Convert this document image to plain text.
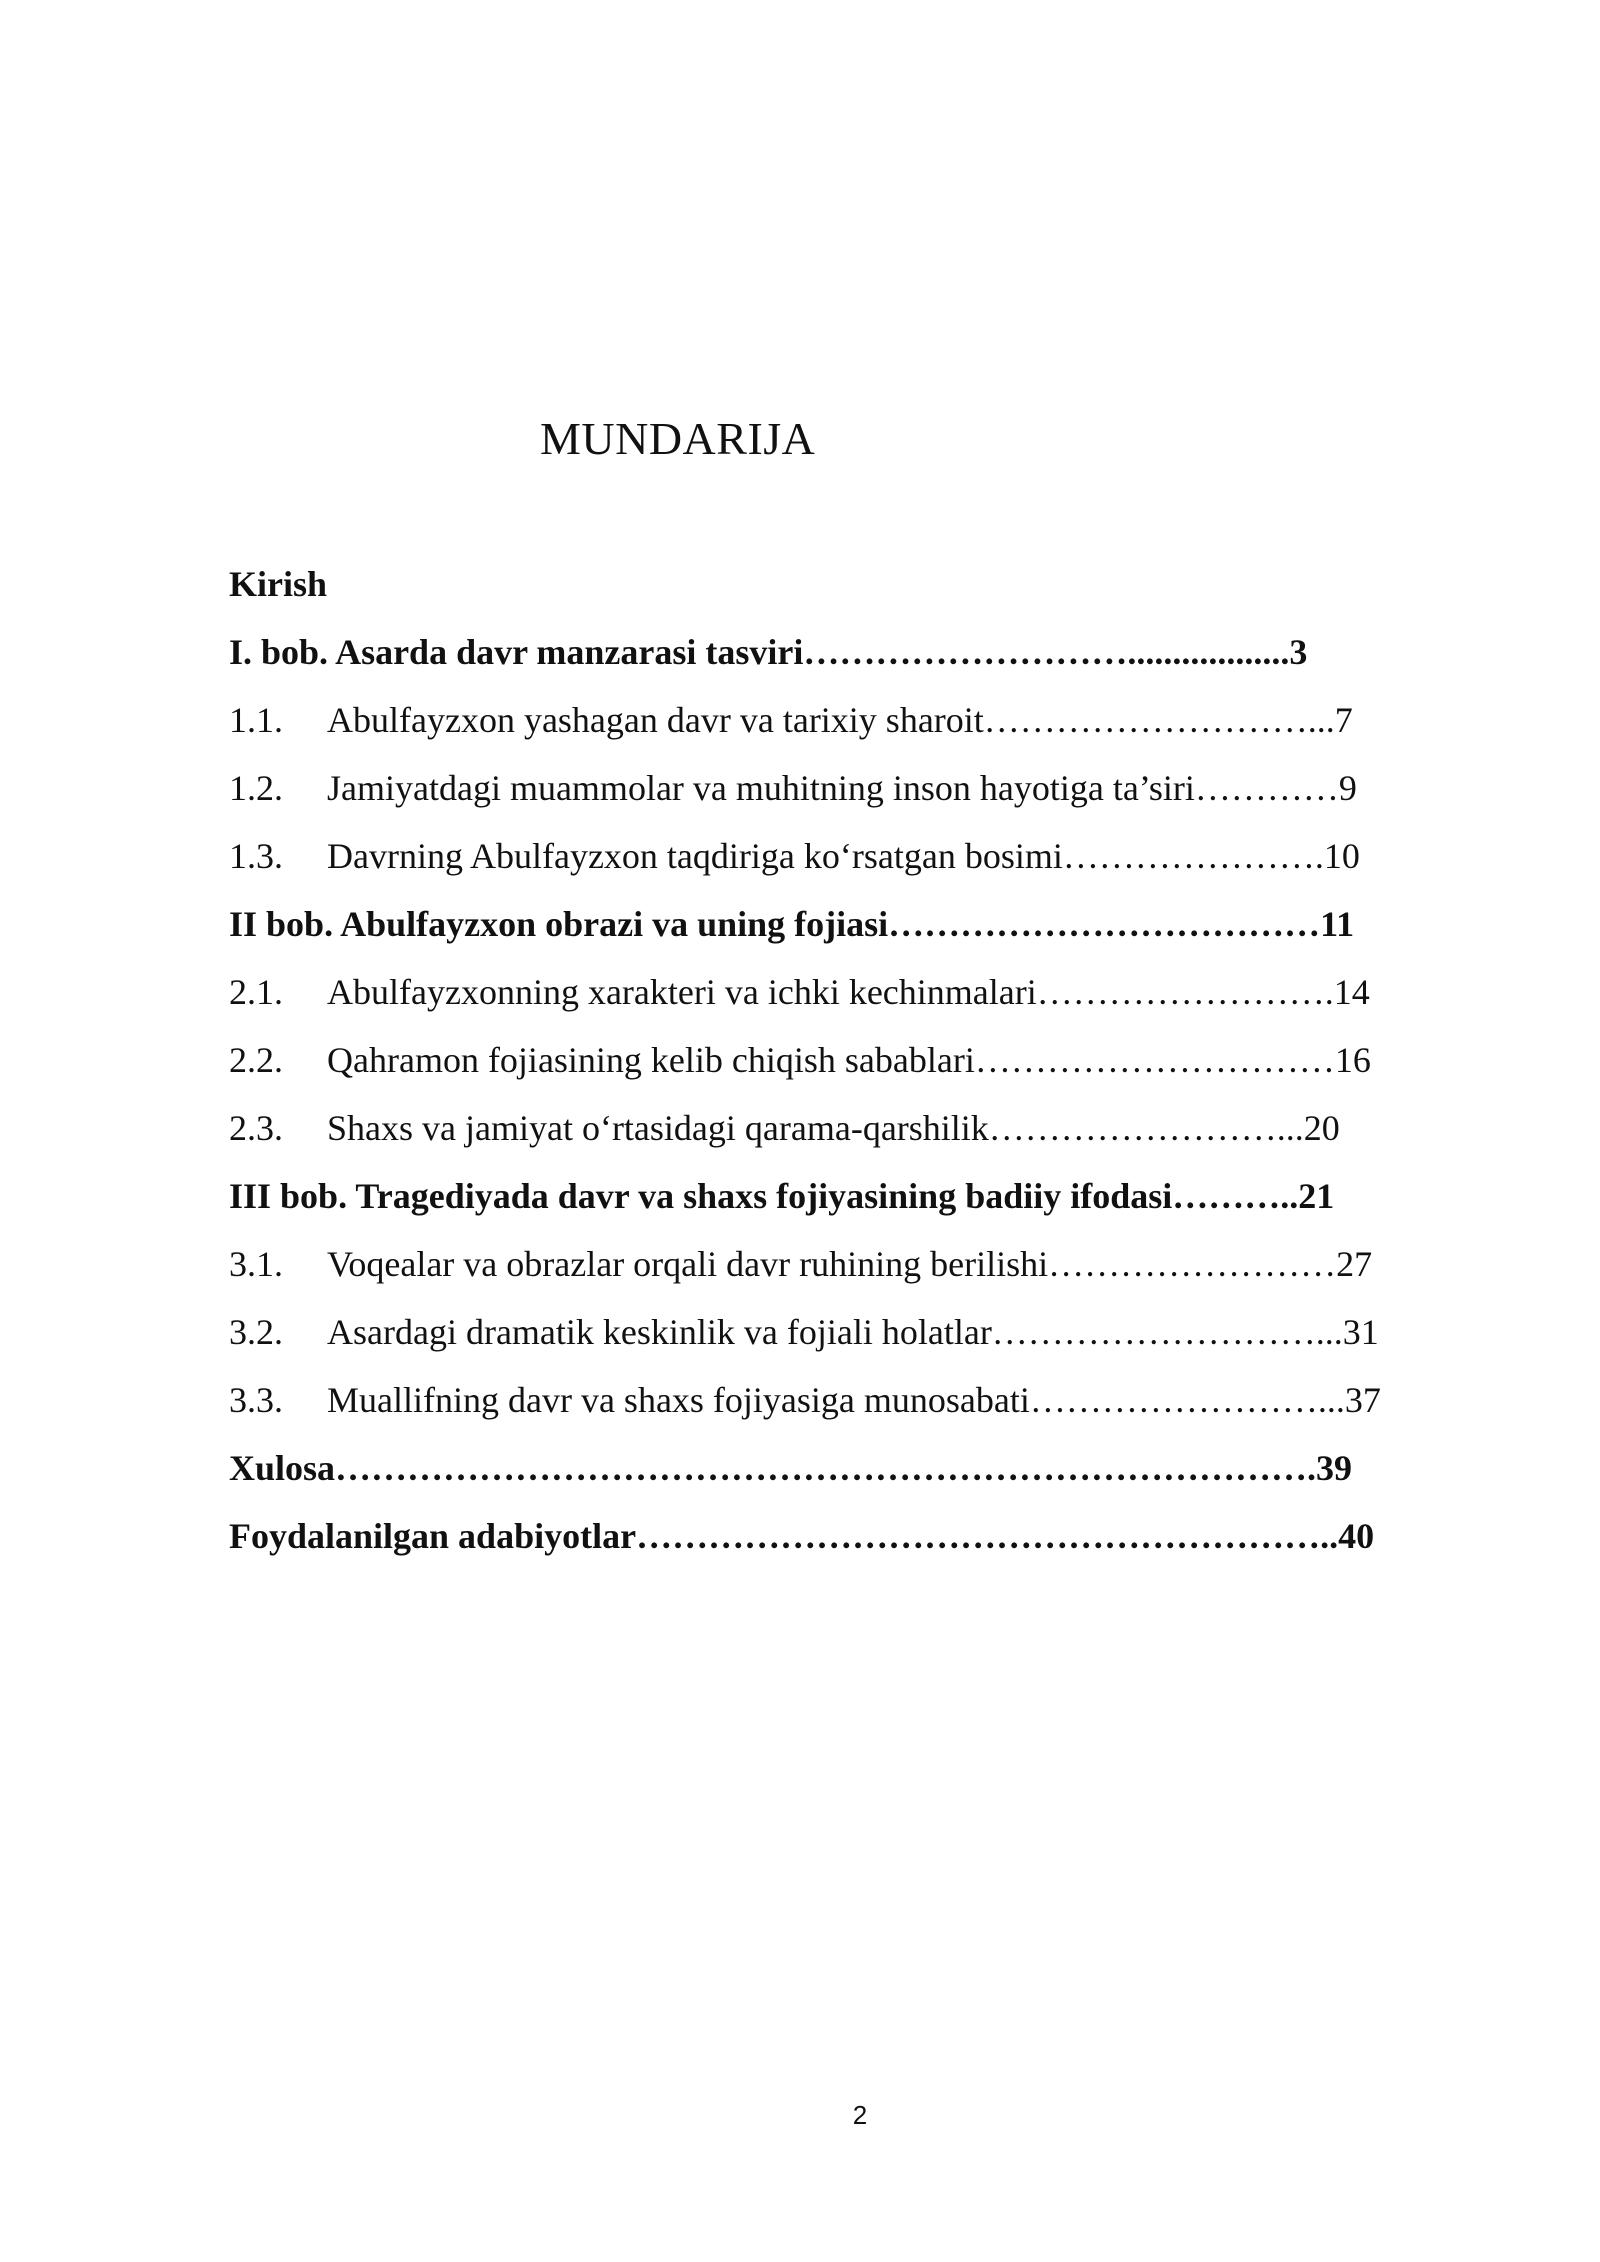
MUNDARIJA
Kirish
I. bob. Asarda davr manzarasi tasviri………………………..................3
1.1. Abulfayzxon yashagan davr va tarixiy sharoit………………………...7
1.2. Jamiyatdagi muammolar va muhitning inson hayotiga ta’siri…………9
1.3. Davrning Abulfayzxon taqdiriga koʻrsatgan bosimi………………….10
II bob. Abulfayzxon obrazi va uning fojiasi………………………………11
2.1. Abulfayzxonning xarakteri va ichki kechinmalari…………………….14
2.2. Qahramon fojiasining kelib chiqish sabablari…………………………16
2.3. Shaxs va jamiyat oʻrtasidagi qarama-qarshilik……………………...20
III bob. Tragediyada davr va shaxs fojiyasining badiiy ifodasi………..21
3.1. Voqealar va obrazlar orqali davr ruhining berilishi……………………27
3.2. Asardagi dramatik keskinlik va fojiali holatlar………………………...31
3.3. Muallifning davr va shaxs fojiyasiga munosabati……………………...37
Xulosa……………………………………………………………………….39
Foydalanilgan adabiyotlar…………………………………………………..40
2
